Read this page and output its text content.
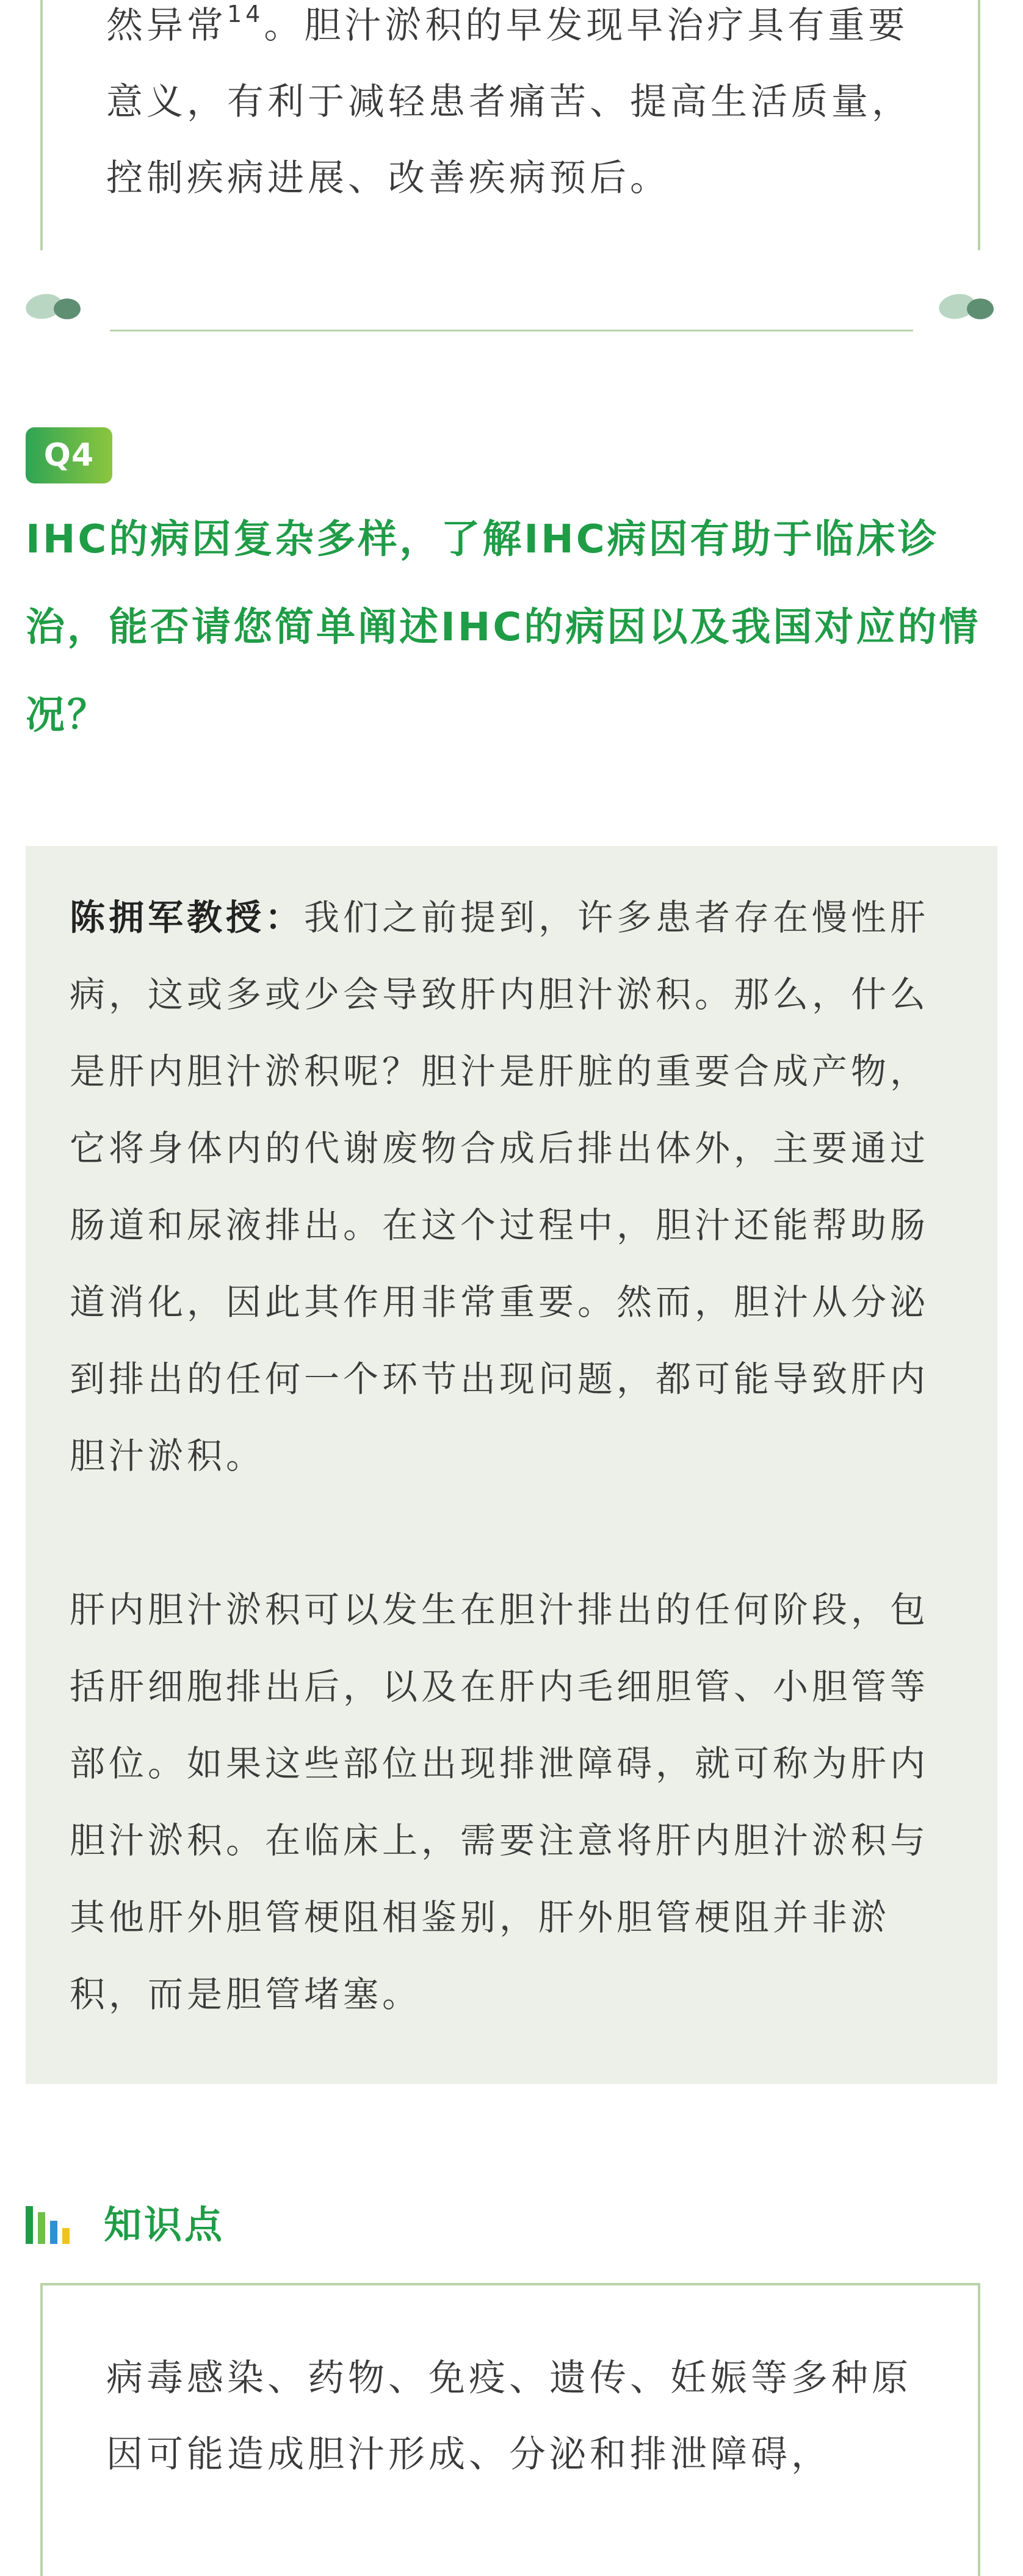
然异常$^{14}$。胆汁淤积的早发现早治疗具有重要意义，有利于减轻患者痛苦、提高生活质量，控制疾病进展、改善疾病预后。
Q4
IHC的病因复杂多样，了解IHC病因有助于临床诊治，能否请您简单阐述IHC的病因以及我国对应的情况？
陈拥军教授：我们之前提到，许多患者存在慢性肝病，这或多或少会导致肝内胆汁淤积。那么，什么是肝内胆汁淤积呢？胆汁是肝脏的重要合成产物，它将身体内的代谢废物合成后排出体外，主要通过肠道和尿液排出。在这个过程中，胆汁还能帮助肠道消化，因此其作用非常重要。然而，胆汁从分泌到排出的任何一个环节出现问题，都可能导致肝内胆汁淤积。
肝内胆汁淤积可以发生在胆汁排出的任何阶段，包括肝细胞排出后，以及在肝内毛细胆管、小胆管等部位。如果这些部位出现排泄障碍，就可称为肝内胆汁淤积。在临床上，需要注意将肝内胆汁淤积与其他肝外胆管梗阻相鉴别，肝外胆管梗阻并非淤积，而是胆管堵塞。
知识点
病毒感染、药物、免疫、遗传、妊娠等多种原因可能造成胆汁形成、分泌和排泄障碍，
